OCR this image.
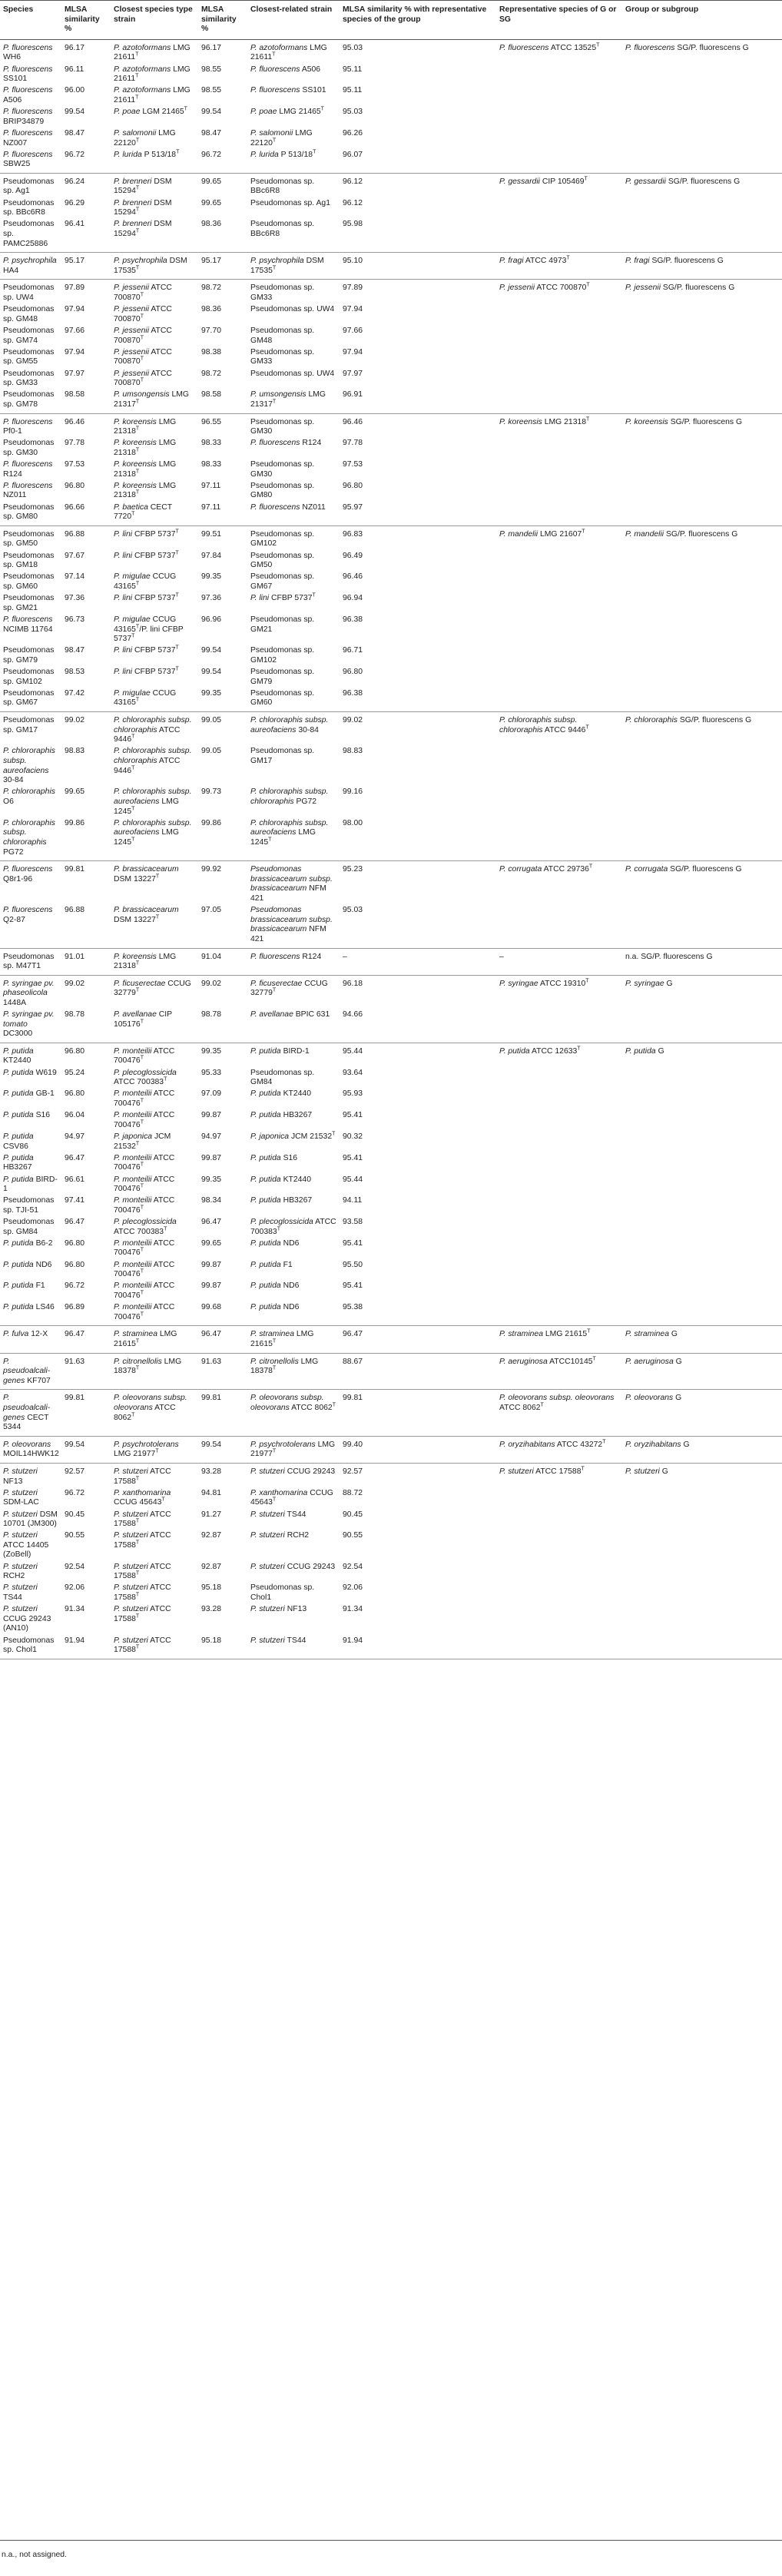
Species	MLSA similarity %	Closest species type strain	MLSA similarity %	Closest-related strain	MLSA similarity % with representative species of the group	Representative species of G or SG	Group or subgroup
P. fluorescens WH6	96.17	P. azotoformans LMG $21611^T$	96.17	P. azotoformans LMG $21611^T$	95.03	P. fluorescens ATCC $13525^T$	P. fluorescens SG/P. fluorescens G
P. fluorescens SS101	96.11	P. azotoformans LMG $21611^T$	98.55	P. fluorescens A506	95.11		
P. fluorescens A506	96.00	P. azotoformans LMG $21611^T$	98.55	P. fluorescens SS101	95.11		
P. fluorescens BRIP34879	99.54	P. poae LGM $21465^T$	99.54	P. poae LMG $21465^T$	95.03		
P. fluorescens NZ007	98.47	P. salomonii LMG $22120^T$	98.47	P. salomonii LMG $22120^T$	96.26		
P. fluorescens SBW25	96.72	P. lurida P $513/18^T$	96.72	P. lurida P $513/18^T$	96.07		
Pseudomonas sp. Ag1	96.24	P. brenneri DSM $15294^T$	99.65	Pseudomonas sp. BBc6R8	96.12	P. gessardii CIP $105469^T$	P. gessardii SG/P. fluorescens G
Pseudomonas sp. BBc6R8	96.29	P. brenneri DSM $15294^T$	99.65	Pseudomonas sp. Ag1	96.12		
Pseudomonas sp. PAMC25886	96.41	P. brenneri DSM $15294^T$	98.36	Pseudomonas sp. BBc6R8	95.98		
P. psychrophila HA4	95.17	P. psychrophila DSM $17535^T$	95.17	P. psychrophila DSM $17535^T$	95.10	P. fragi ATCC $4973^T$	P. fragi SG/P. fluorescens G
Pseudomonas sp. UW4	97.89	P. jessenii ATCC $700870^T$	98.72	Pseudomonas sp. GM33	97.89	P. jessenii ATCC $700870^T$	P. jessenii SG/P. fluorescens G
Pseudomonas sp. GM48	97.94	P. jessenii ATCC $700870^T$	98.36	Pseudomonas sp. UW4	97.94		
Pseudomonas sp. GM74	97.66	P. jessenii ATCC $700870^T$	97.70	Pseudomonas sp. GM48	97.66		
Pseudomonas sp. GM55	97.94	P. jessenii ATCC $700870^T$	98.38	Pseudomonas sp. GM33	97.94		
Pseudomonas sp. GM33	97.97	P. jessenii ATCC $700870^T$	98.72	Pseudomonas sp. UW4	97.97		
Pseudomonas sp. GM78	98.58	P. umsongensis LMG $21317^T$	98.58	P. umsongensis LMG $21317^T$	96.91		
P. fluorescens Pf0-1	96.46	P. koreensis LMG $21318^T$	96.55	Pseudomonas sp. GM30	96.46	P. koreensis LMG $21318^T$	P. koreensis SG/P. fluorescens G
Pseudomonas sp. GM30	97.78	P. koreensis LMG $21318^T$	98.33	P. fluorescens R124	97.78		
P. fluorescens R124	97.53	P. koreensis LMG $21318^T$	98.33	Pseudomonas sp. GM30	97.53		
P. fluorescens NZ011	96.80	P. koreensis LMG $21318^T$	97.11	Pseudomonas sp. GM80	96.80		
Pseudomonas sp. GM80	96.66	P. baetica CECT $7720^T$	97.11	P. fluorescens NZ011	95.97		
Pseudomonas sp. GM50	96.88	P. lini CFBP $5737^T$	99.51	Pseudomonas sp. GM102	96.83	P. mandelii LMG $21607^T$	P. mandelii SG/P. fluorescens G
Pseudomonas sp. GM18	97.67	P. lini CFBP $5737^T$	97.84	Pseudomonas sp. GM50	96.49		
Pseudomonas sp. GM60	97.14	P. migulae CCUG $43165^T$	99.35	Pseudomonas sp. GM67	96.46		
Pseudomonas sp. GM21	97.36	P. lini CFBP $5737^T$	97.36	P. lini CFBP $5737^T$	96.94		
P. fluorescens NCIMB 11764	96.73	P. migulae CCUG $43165^T/P$. lini CFBP $5737^T$	96.96	Pseudomonas sp. GM21	96.38		
Pseudomonas sp. GM79	98.47	P. lini CFBP $5737^T$	99.54	Pseudomonas sp. GM102	96.71		
Pseudomonas sp. GM102	98.53	P. lini CFBP $5737^T$	99.54	Pseudomonas sp. GM79	96.80		
Pseudomonas sp. GM67	97.42	P. migulae CCUG $43165^T$	99.35	Pseudomonas sp. GM60	96.38		
Pseudomonas sp. GM17	99.02	P. chlororaphis subsp. chlororaphis ATCC $9446^T$	99.05	P. chlororaphis subsp. aureofaciens 30-84	99.02	P. chlororaphis subsp. chlororaphis ATCC $9446^T$	P. chlororaphis SG/P. fluorescens G
P. chlororaphis subsp. aureofaciens 30-84	98.83	P. chlororaphis subsp. chlororaphis ATCC $9446^T$	99.05	Pseudomonas sp. GM17	98.83		
P. chlororaphis O6	99.65	P. chlororaphis subsp. aureofaciens LMG $1245^T$	99.73	P. chlororaphis subsp. chlororaphis PG72	99.16		
P. chlororaphis subsp. chlororaphis PG72	99.86	P. chlororaphis subsp. aureofaciens LMG $1245^T$	99.86	P. chlororaphis subsp. aureofaciens LMG $1245^T$	98.00		
P. fluorescens Q8r1-96	99.81	P. brassicacearum DSM $13227^T$	99.92	Pseudomonas brassicacearum subsp. brassicacearum NFM 421	95.23	P. corrugata ATCC $29736^T$	P. corrugata SG/P. fluorescens G
P. fluorescens Q2-87	96.88	P. brassicacearum DSM $13227^T$	97.05	Pseudomonas brassicacearum subsp. brassicacearum NFM 421	95.03		
Pseudomonas sp. M47T1	91.01	P. koreensis LMG $21318^T$	91.04	P. fluorescens R124	–	–	n.a. SG/P. fluorescens G
P. syringae pv. phaseolicola 1448A	99.02	P. ficuserectae CCUG $32779^T$	99.02	P. ficuserectae CCUG $32779^T$	96.18	P. syringae ATCC $19310^T$	P. syringae G
P. syringae pv. tomato DC3000	98.78	P. avellanae CIP $105176^T$	98.78	P. avellanae BPIC 631	94.66		
P. putida KT2440	96.80	P. monteilii ATCC $700476^T$	99.35	P. putida BIRD-1	95.44	P. putida ATCC $12633^T$	P. putida G
P. putida W619	95.24	P. plecoglossicida ATCC $700383^T$	95.33	Pseudomonas sp. GM84	93.64		
P. putida GB-1	96.80	P. monteilii ATCC $700476^T$	97.09	P. putida KT2440	95.93		
P. putida S16	96.04	P. monteilii ATCC $700476^T$	99.87	P. putida HB3267	95.41		
P. putida CSV86	94.97	P. japonica JCM $21532^T$	94.97	P. japonica JCM $21532^T$	90.32		
P. putida HB3267	96.47	P. monteilii ATCC $700476^T$	99.87	P. putida S16	95.41		
P. putida BIRD-1	96.61	P. monteilii ATCC $700476^T$	99.35	P. putida KT2440	95.44		
Pseudomonas sp. TJI-51	97.41	P. monteilii ATCC $700476^T$	98.34	P. putida HB3267	94.11		
Pseudomonas sp. GM84	96.47	P. plecoglossicida ATCC $700383^T$	96.47	P. plecoglossicida ATCC $700383^T$	93.58		
P. putida B6-2	96.80	P. monteilii ATCC $700476^T$	99.65	P. putida ND6	95.41		
P. putida ND6	96.80	P. monteilii ATCC $700476^T$	99.87	P. putida F1	95.50		
P. putida F1	96.72	P. monteilii ATCC $700476^T$	99.87	P. putida ND6	95.41		
P. putida LS46	96.89	P. monteilii ATCC $700476^T$	99.68	P. putida ND6	95.38		
P. fulva 12-X	96.47	P. straminea LMG $21615^T$	96.47	P. straminea LMG $21615^T$	96.47	P. straminea LMG $21615^T$	P. straminea G
P. pseudoalcali-genes KF707	91.63	P. citronellolis LMG $18378^T$	91.63	P. citronellolis LMG $18378^T$	88.67	P. aeruginosa $ATCC10145^T$	P. aeruginosa G
P. pseudoalcali-genes CECT 5344	99.81	P. oleovorans subsp. oleovorans ATCC $8062^T$	99.81	P. oleovorans subsp. oleovorans ATCC $8062^T$	99.81	P. oleovorans subsp. oleovorans ATCC $8062^T$	P. oleovorans G
P. oleovorans MOIL14HWK12	99.54	P. psychrotolerans LMG $21977^T$	99.54	P. psychrotolerans LMG $21977^T$	99.40	P. oryzihabitans ATCC $43272^T$	P. oryzihabitans G
P. stutzeri NF13	92.57	P. stutzeri ATCC $17588^T$	93.28	P. stutzeri CCUG 29243	92.57	P. stutzeri ATCC $17588^T$	P. stutzeri G
P. stutzeri SDM-LAC	96.72	P. xanthomarina CCUG $45643^T$	94.81	P. xanthomarina CCUG $45643^T$	88.72		
P. stutzeri DSM 10701 (JM300)	90.45	P. stutzeri ATCC $17588^T$	91.27	P. stutzeri TS44	90.45		
P. stutzeri ATCC 14405 (ZoBell)	90.55	P. stutzeri ATCC $17588^T$	92.87	P. stutzeri RCH2	90.55		
P. stutzeri RCH2	92.54	P. stutzeri ATCC $17588^T$	92.87	P. stutzeri CCUG 29243	92.54		
P. stutzeri TS44	92.06	P. stutzeri ATCC $17588^T$	95.18	Pseudomonas sp. Chol1	92.06		
P. stutzeri CCUG 29243 (AN10)	91.34	P. stutzeri ATCC $17588^T$	93.28	P. stutzeri NF13	91.34		
Pseudomonas sp. Chol1	91.94	P. stutzeri ATCC $17588^T$	95.18	P. stutzeri TS44	91.94		
n.a., not assigned.
